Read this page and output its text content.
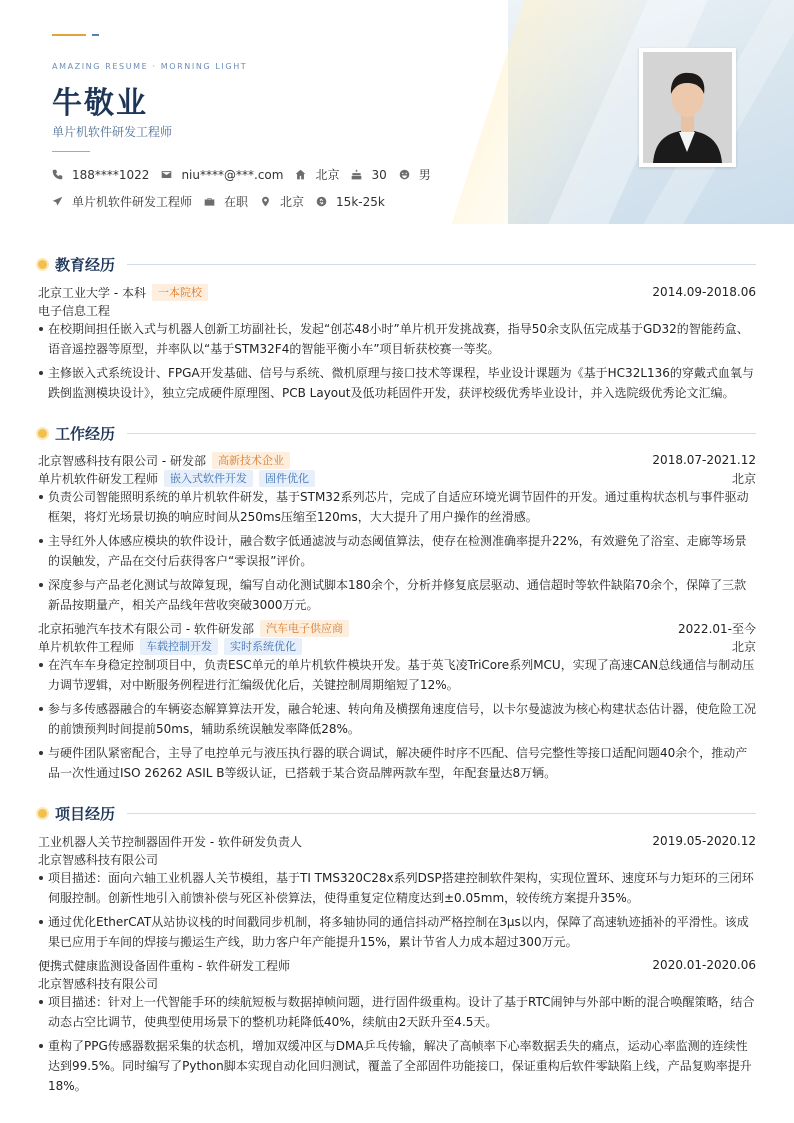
AMAZING RESUME · MORNING LIGHT
牛敬业
单片机软件研发工程师
188****1022	niu****@***.com	北京	30	男
单片机软件研发工程师	在职	北京	15k-25k
教育经历
北京工业大学 - 本科	一本院校	2014.09-2018.06
电子信息工程
在校期间担任嵌入式与机器人创新工坊副社长，发起“创芯48小时”单片机开发挑战赛，指导50余支队伍完成基于GD32的智能药盒、语音遥控器等原型，并率队以“基于STM32F4的智能平衡小车”项目斩获校赛一等奖。
主修嵌入式系统设计、FPGA开发基础、信号与系统、微机原理与接口技术等课程，毕业设计课题为《基于HC32L136的穿戴式血氧与跌倒监测模块设计》，独立完成硬件原理图、PCB Layout及低功耗固件开发，获评校级优秀毕业设计，并入选院级优秀论文汇编。
工作经历
北京智感科技有限公司 - 研发部	高新技术企业	2018.07-2021.12
单片机软件研发工程师	嵌入式软件开发	固件优化	北京
负责公司智能照明系统的单片机软件研发，基于STM32系列芯片，完成了自适应环境光调节固件的开发。通过重构状态机与事件驱动框架，将灯光场景切换的响应时间从250ms压缩至120ms，大大提升了用户操作的丝滑感。
主导红外人体感应模块的软件设计，融合数字低通滤波与动态阈值算法，使存在检测准确率提升22%，有效避免了浴室、走廊等场景的误触发，产品在交付后获得客户“零误报”评价。
深度参与产品老化测试与故障复现，编写自动化测试脚本180余个，分析并修复底层驱动、通信超时等软件缺陷70余个，保障了三款新品按期量产，相关产品线年营收突破3000万元。
北京拓驰汽车技术有限公司 - 软件研发部	汽车电子供应商	2022.01-至今
单片机软件工程师	车载控制开发	实时系统优化	北京
在汽车车身稳定控制项目中，负责ESC单元的单片机软件模块开发。基于英飞凌TriCore系列MCU，实现了高速CAN总线通信与制动压力调节逻辑，对中断服务例程进行汇编级优化后，关键控制周期缩短了12%。
参与多传感器融合的车辆姿态解算算法开发，融合轮速、转向角及横摆角速度信号，以卡尔曼滤波为核心构建状态估计器，使危险工况的前馈预判时间提前50ms，辅助系统误触发率降低28%。
与硬件团队紧密配合，主导了电控单元与液压执行器的联合调试，解决硬件时序不匹配、信号完整性等接口适配问题40余个，推动产品一次性通过ISO 26262 ASIL B等级认证，已搭载于某合资品牌两款车型，年配套量达8万辆。
项目经历
工业机器人关节控制器固件开发 - 软件研发负责人	2019.05-2020.12
北京智感科技有限公司
项目描述：面向六轴工业机器人关节模组，基于TI TMS320C28x系列DSP搭建控制软件架构，实现位置环、速度环与力矩环的三闭环伺服控制。创新性地引入前馈补偿与死区补偿算法，使得重复定位精度达到±0.05mm，较传统方案提升35%。
通过优化EtherCAT从站协议栈的时间戳同步机制，将多轴协同的通信抖动严格控制在3μs以内，保障了高速轨迹插补的平滑性。该成果已应用于车间的焊接与搬运生产线，助力客户年产能提升15%，累计节省人力成本超过300万元。
便携式健康监测设备固件重构 - 软件研发工程师	2020.01-2020.06
北京智感科技有限公司
项目描述：针对上一代智能手环的续航短板与数据掉帧问题，进行固件级重构。设计了基于RTC闹钟与外部中断的混合唤醒策略，结合动态占空比调节，使典型使用场景下的整机功耗降低40%，续航由2天跃升至4.5天。
重构了PPG传感器数据采集的状态机，增加双缓冲区与DMA乒乓传输，解决了高帧率下心率数据丢失的痛点，运动心率监测的连续性达到99.5%。同时编写了Python脚本实现自动化回归测试，覆盖了全部固件功能接口，保证重构后软件零缺陷上线，产品复购率提升18%。
